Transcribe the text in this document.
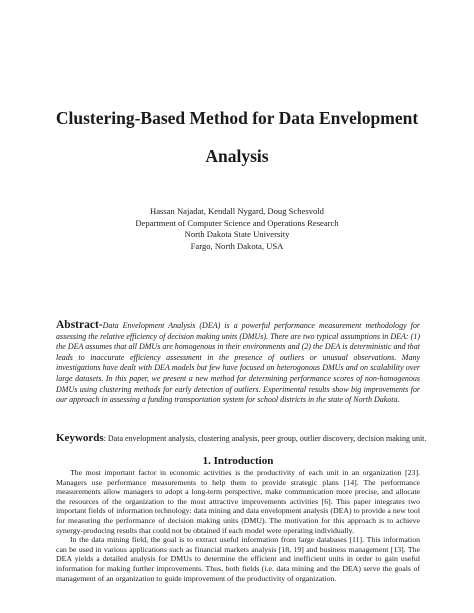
Clustering-Based Method for Data Envelopment
Analysis
Hassan Najadat, Kendall Nygard, Doug Schesvold
Department of Computer Science and Operations Research
North Dakota State University
Fargo, North Dakota, USA
Abstract-Data Envelopment Analysis (DEA) is a powerful performance measurement methodology for assessing the relative efficiency of decision making units (DMUs). There are two typical assumptions in DEA: (1) the DEA assumes that all DMUs are homogenous in their environments and (2) the DEA is deterministic and that leads to inaccurate efficiency assessment in the presence of outliers or unusual observations. Many investigations have dealt with DEA models but few have focused on heterogonous DMUs and on scalability over large datasets. In this paper, we present a new method for determining performance scores of non-homogenous DMUs using clustering methods for early detection of outliers. Experimental results show big improvements for our approach in assessing a funding transportation system for school districts in the state of North Dakota.
Keywords: Data envelopment analysis, clustering analysis, peer group, outlier discovery, decision making unit.
1. Introduction

The most important factor in economic activities is the productivity of each unit in an organization [23]. Managers use performance measurements to help them to provide strategic plans [14]. The performance measurements allow managers to adopt a long-term perspective, make communication more precise, and allocate the resources of the organization to the most attractive improvements activities [6]. This paper integrates two important fields of information technology: data mining and data envelopment analysis (DEA) to provide a new tool for measuring the performance of decision making units (DMU). The motivation for this approach is to achieve synergy-producing results that could not be obtained if each model were operating individually.

In the data mining field, the goal is to extract useful information from large databases [11]. This information can be used in various applications such as financial markets analysis [18, 19] and business management [13]. The DEA yields a detailed analysis for DMUs to determine the efficient and inefficient units in order to gain useful information for making further improvements. Thus, both fields (i.e. data mining and the DEA) serve the goals of management of an organization to guide improvement of the productivity of organization.
